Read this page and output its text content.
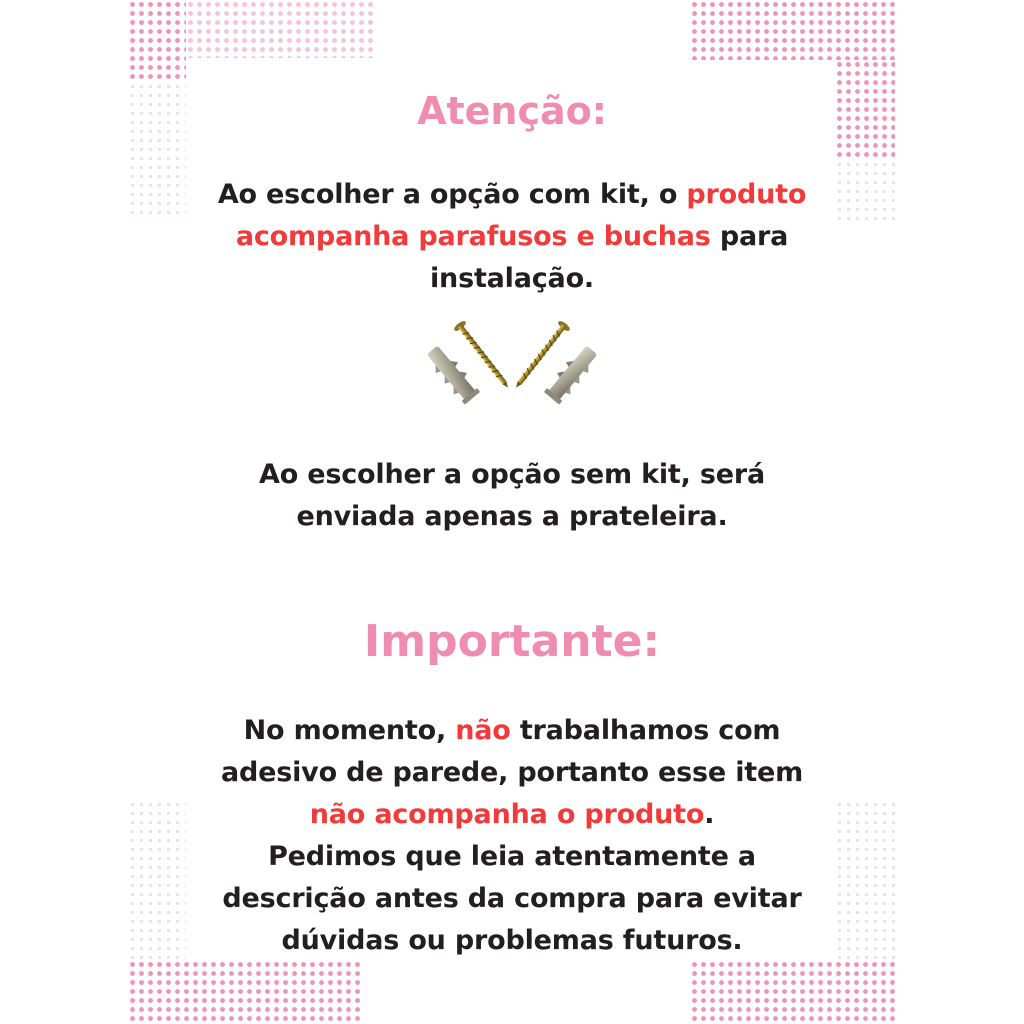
Atenção:
Ao escolher a opção com kit, o produto acompanha parafusos e buchas para instalação.
Ao escolher a opção sem kit, será enviada apenas a prateleira.
Importante:
No momento, não trabalhamos com adesivo de parede, portanto esse item não acompanha o produto.
Pedimos que leia atentamente a descrição antes da compra para evitar dúvidas ou problemas futuros.
